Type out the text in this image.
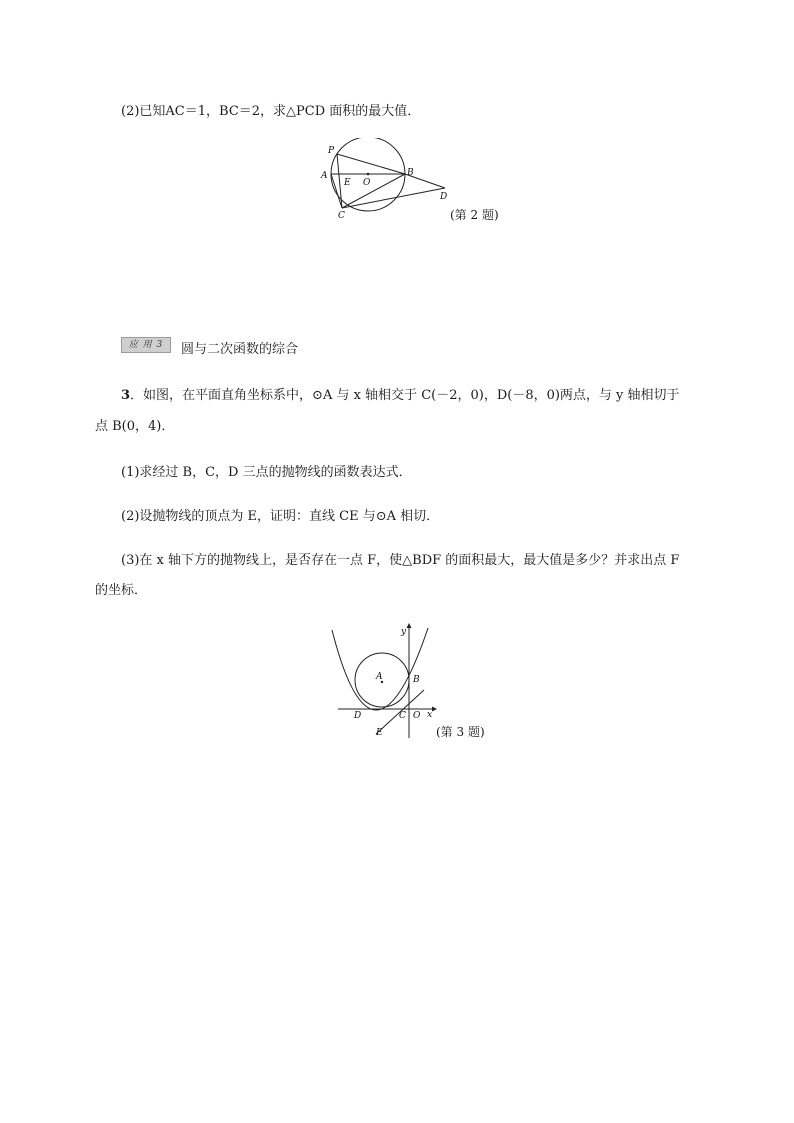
(2)已知AC＝1，BC＝2，求△PCD 面积的最大值．
P
A
E O
B
D
C	(第 2 题)
应 用 3	圆与二次函数的综合
3．如图，在平面直角坐标系中，⊙A 与 x 轴相交于 C(－2，0)，D(－8，0)两点，与 y 轴相切于
点 B(0，4)．
(1)求经过 B，C，D 三点的抛物线的函数表达式．
(2)设抛物线的顶点为 E，证明：直线 CE 与⊙A 相切．
(3)在 x 轴下方的抛物线上，是否存在一点 F，使△BDF 的面积最大，最大值是多少？并求出点 F
的坐标．
y
A	B
D	C O x
E	(第 3 题)
